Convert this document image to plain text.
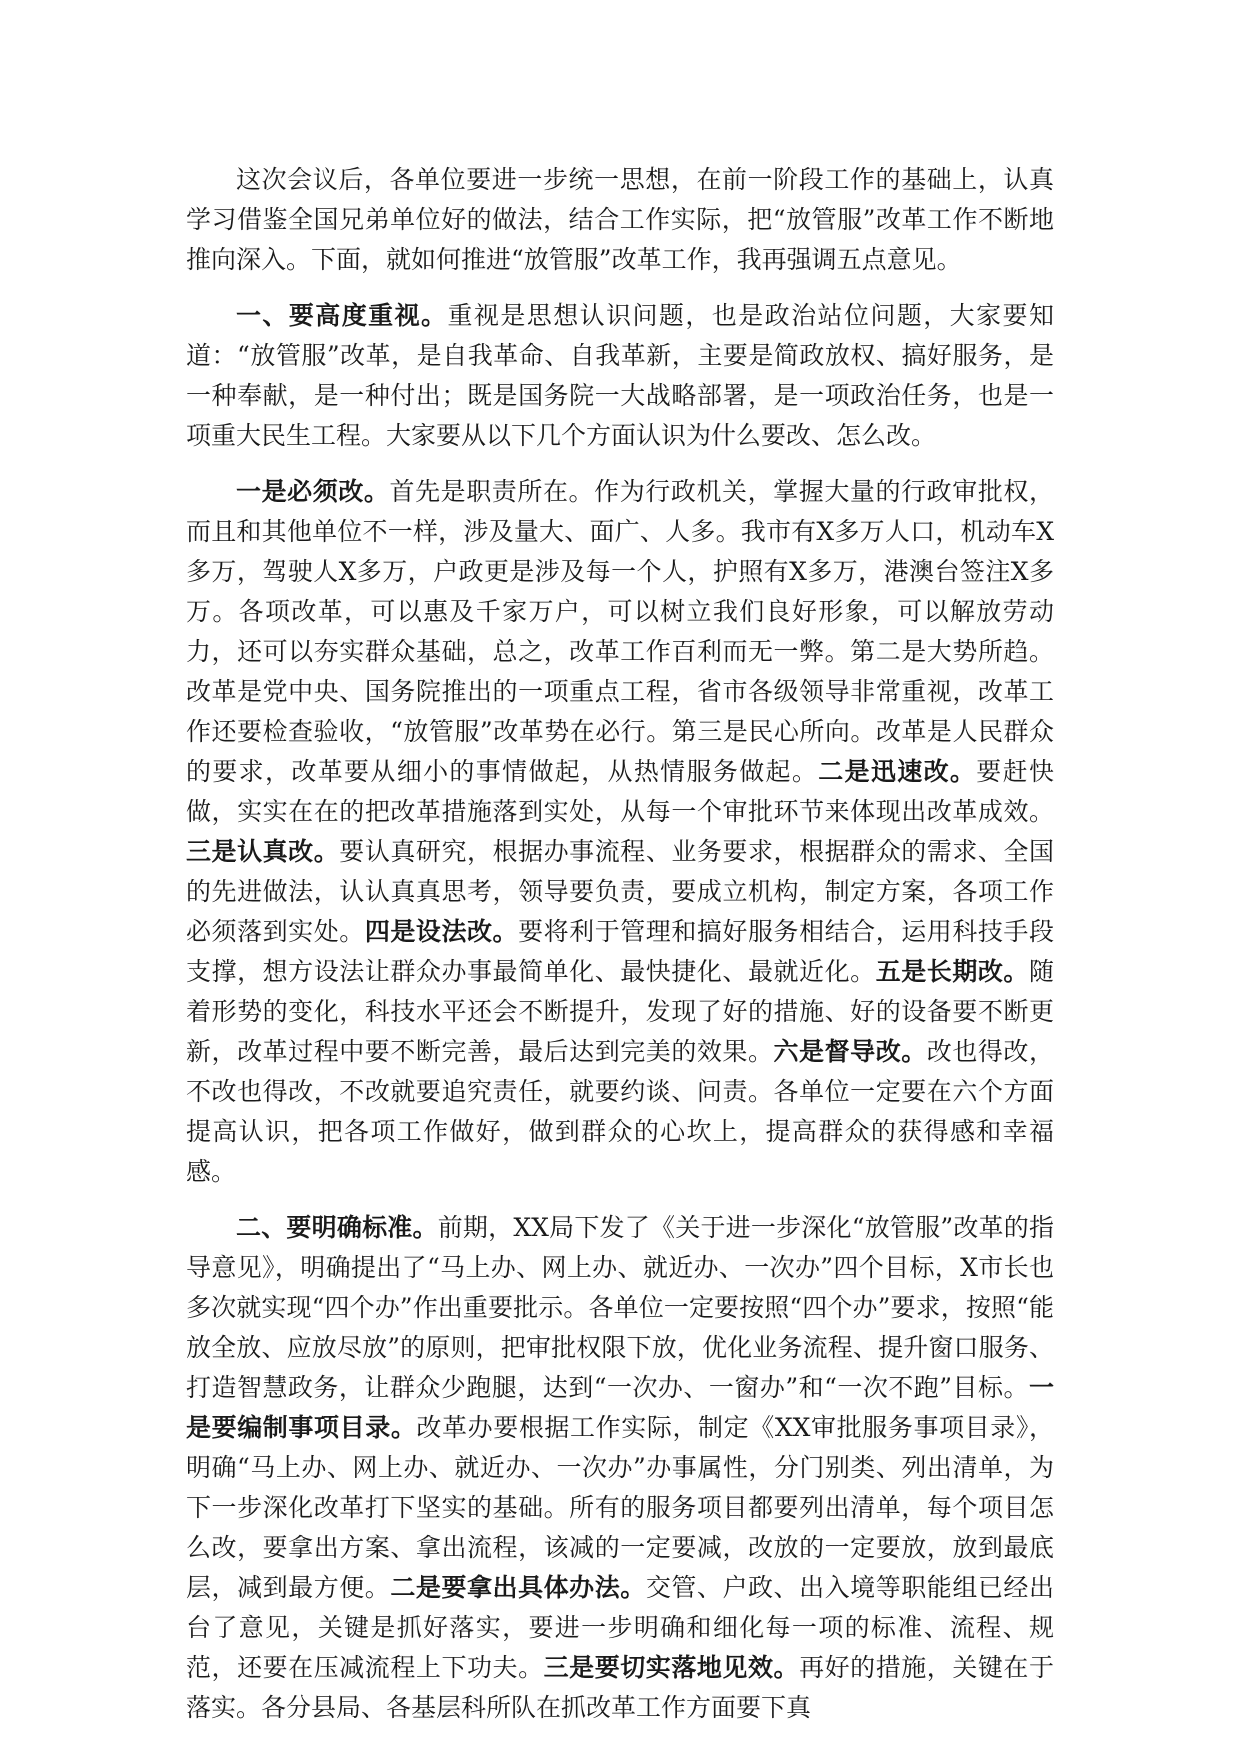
这次会议后，各单位要进一步统一思想，在前一阶段工作的基础上，认真学习借鉴全国兄弟单位好的做法，结合工作实际，把“放管服”改革工作不断地推向深入。下面，就如何推进“放管服”改革工作，我再强调五点意见。

一、要高度重视。重视是思想认识问题，也是政治站位问题，大家要知道：“放管服”改革，是自我革命、自我革新，主要是简政放权、搞好服务，是一种奉献，是一种付出；既是国务院一大战略部署，是一项政治任务，也是一项重大民生工程。大家要从以下几个方面认识为什么要改、怎么改。

一是必须改。首先是职责所在。作为行政机关，掌握大量的行政审批权，而且和其他单位不一样，涉及量大、面广、人多。我市有X多万人口，机动车X多万，驾驶人X多万，户政更是涉及每一个人，护照有X多万，港澳台签注X多万。各项改革，可以惠及千家万户，可以树立我们良好形象，可以解放劳动力，还可以夯实群众基础，总之，改革工作百利而无一弊。第二是大势所趋。改革是党中央、国务院推出的一项重点工程，省市各级领导非常重视，改革工作还要检查验收，“放管服”改革势在必行。第三是民心所向。改革是人民群众的要求，改革要从细小的事情做起，从热情服务做起。二是迅速改。要赶快做，实实在在的把改革措施落到实处，从每一个审批环节来体现出改革成效。三是认真改。要认真研究，根据办事流程、业务要求，根据群众的需求、全国的先进做法，认认真真思考，领导要负责，要成立机构，制定方案，各项工作必须落到实处。四是设法改。要将利于管理和搞好服务相结合，运用科技手段支撑，想方设法让群众办事最简单化、最快捷化、最就近化。五是长期改。随着形势的变化，科技水平还会不断提升，发现了好的措施、好的设备要不断更新，改革过程中要不断完善，最后达到完美的效果。六是督导改。改也得改，不改也得改，不改就要追究责任，就要约谈、问责。各单位一定要在六个方面提高认识，把各项工作做好，做到群众的心坎上，提高群众的获得感和幸福感。

二、要明确标准。前期，XX局下发了《关于进一步深化“放管服”改革的指导意见》，明确提出了“马上办、网上办、就近办、一次办”四个目标，X市长也多次就实现“四个办”作出重要批示。各单位一定要按照“四个办”要求，按照“能放全放、应放尽放”的原则，把审批权限下放，优化业务流程、提升窗口服务、打造智慧政务，让群众少跑腿，达到“一次办、一窗办”和“一次不跑”目标。一是要编制事项目录。改革办要根据工作实际，制定《XX审批服务事项目录》，明确“马上办、网上办、就近办、一次办”办事属性，分门别类、列出清单，为下一步深化改革打下坚实的基础。所有的服务项目都要列出清单，每个项目怎么改，要拿出方案、拿出流程，该减的一定要减，改放的一定要放，放到最底层，减到最方便。二是要拿出具体办法。交管、户政、出入境等职能组已经出台了意见，关键是抓好落实，要进一步明确和细化每一项的标准、流程、规范，还要在压减流程上下功夫。三是要切实落地见效。再好的措施，关键在于落实。各分县局、各基层科所队在抓改革工作方面要下真
